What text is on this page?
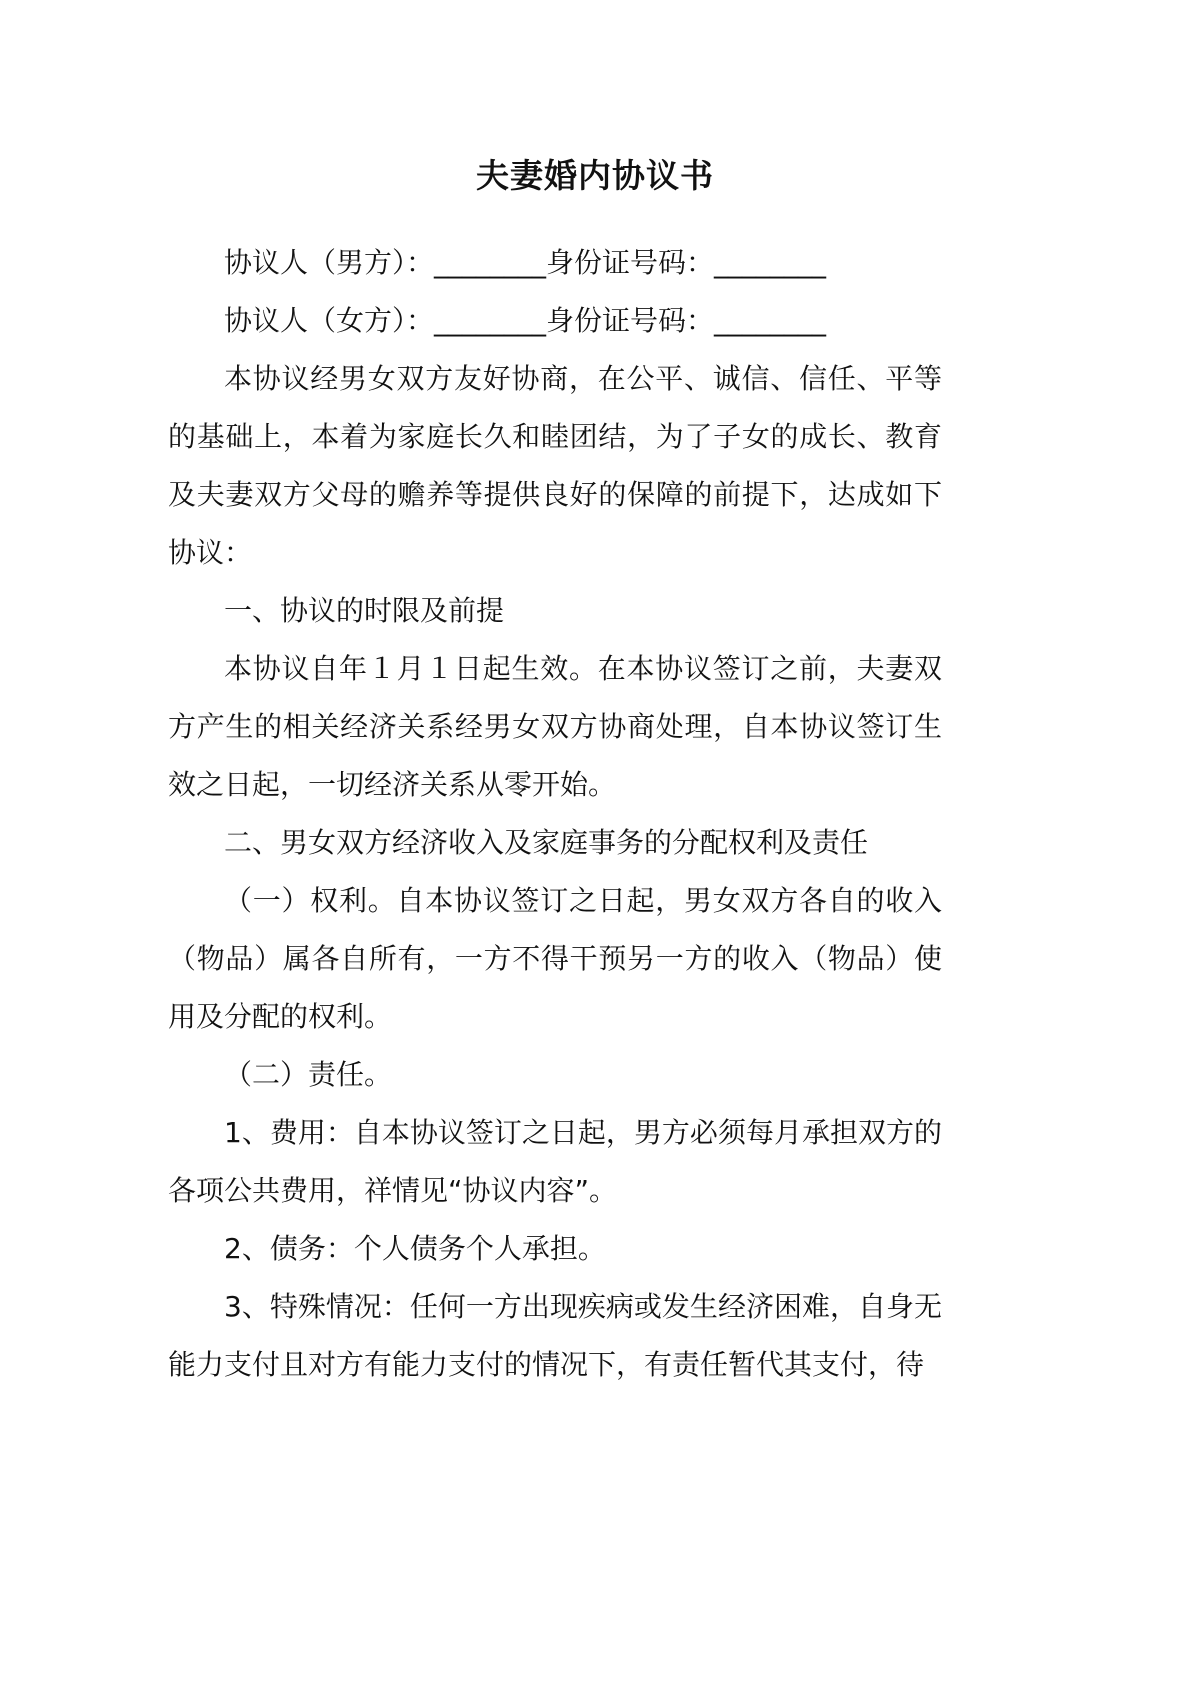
夫妻婚内协议书

协议人（男方）：________身份证号码：________

协议人（女方）：________身份证号码：________

本协议经男女双方友好协商，在公平、诚信、信任、平等的基础上，本着为家庭长久和睦团结，为了子女的成长、教育及夫妻双方父母的赡养等提供良好的保障的前提下，达成如下协议：

一、协议的时限及前提

本协议自年１月１日起生效。在本协议签订之前，夫妻双方产生的相关经济关系经男女双方协商处理，自本协议签订生效之日起，一切经济关系从零开始。

二、男女双方经济收入及家庭事务的分配权利及责任

（一）权利。自本协议签订之日起，男女双方各自的收入（物品）属各自所有，一方不得干预另一方的收入（物品）使用及分配的权利。

（二）责任。

1、费用：自本协议签订之日起，男方必须每月承担双方的各项公共费用，祥情见“协议内容”。

2、债务：个人债务个人承担。

3、特殊情况：任何一方出现疾病或发生经济困难，自身无能力支付且对方有能力支付的情况下，有责任暂代其支付，待
